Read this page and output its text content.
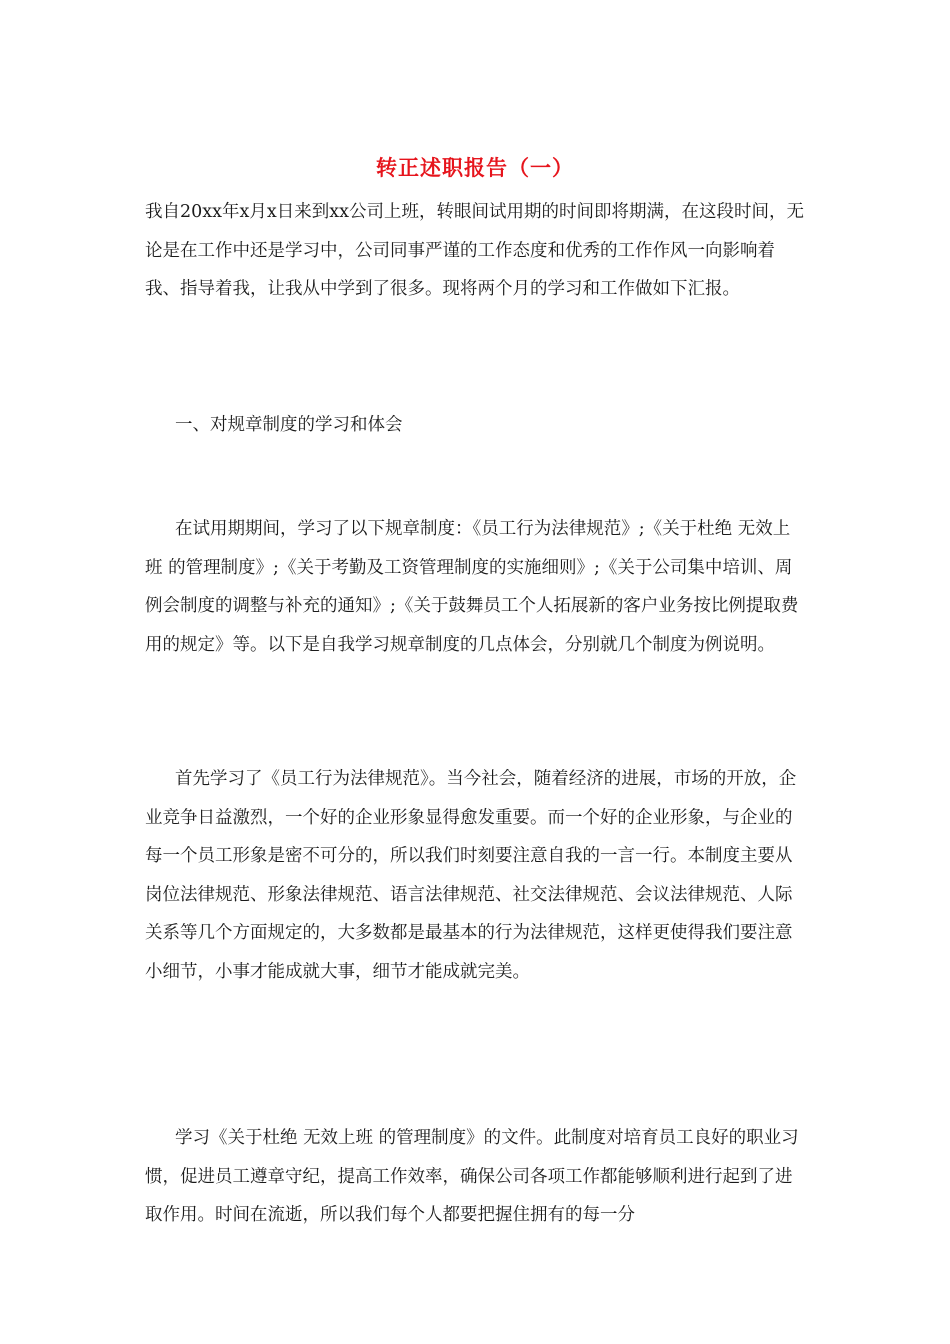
转正述职报告（一）

我自20xx年x月x日来到xx公司上班，转眼间试用期的时间即将期满，在这段时间，无论是在工作中还是学习中，公司同事严谨的工作态度和优秀的工作作风一向影响着我、指导着我，让我从中学到了很多。现将两个月的学习和工作做如下汇报。

一、对规章制度的学习和体会

在试用期期间，学习了以下规章制度：《员工行为法律规范》;《关于杜绝 无效上班 的管理制度》;《关于考勤及工资管理制度的实施细则》;《关于公司集中培训、周例会制度的调整与补充的通知》;《关于鼓舞员工个人拓展新的客户业务按比例提取费用的规定》等。以下是自我学习规章制度的几点体会，分别就几个制度为例说明。

首先学习了《员工行为法律规范》。当今社会，随着经济的进展，市场的开放，企业竞争日益激烈，一个好的企业形象显得愈发重要。而一个好的企业形象，与企业的每一个员工形象是密不可分的，所以我们时刻要注意自我的一言一行。本制度主要从岗位法律规范、形象法律规范、语言法律规范、社交法律规范、会议法律规范、人际关系等几个方面规定的，大多数都是最基本的行为法律规范，这样更使得我们要注意小细节，小事才能成就大事，细节才能成就完美。

学习《关于杜绝 无效上班 的管理制度》的文件。此制度对培育员工良好的职业习惯，促进员工遵章守纪，提高工作效率，确保公司各项工作都能够顺利进行起到了进取作用。时间在流逝，所以我们每个人都要把握住拥有的每一分
